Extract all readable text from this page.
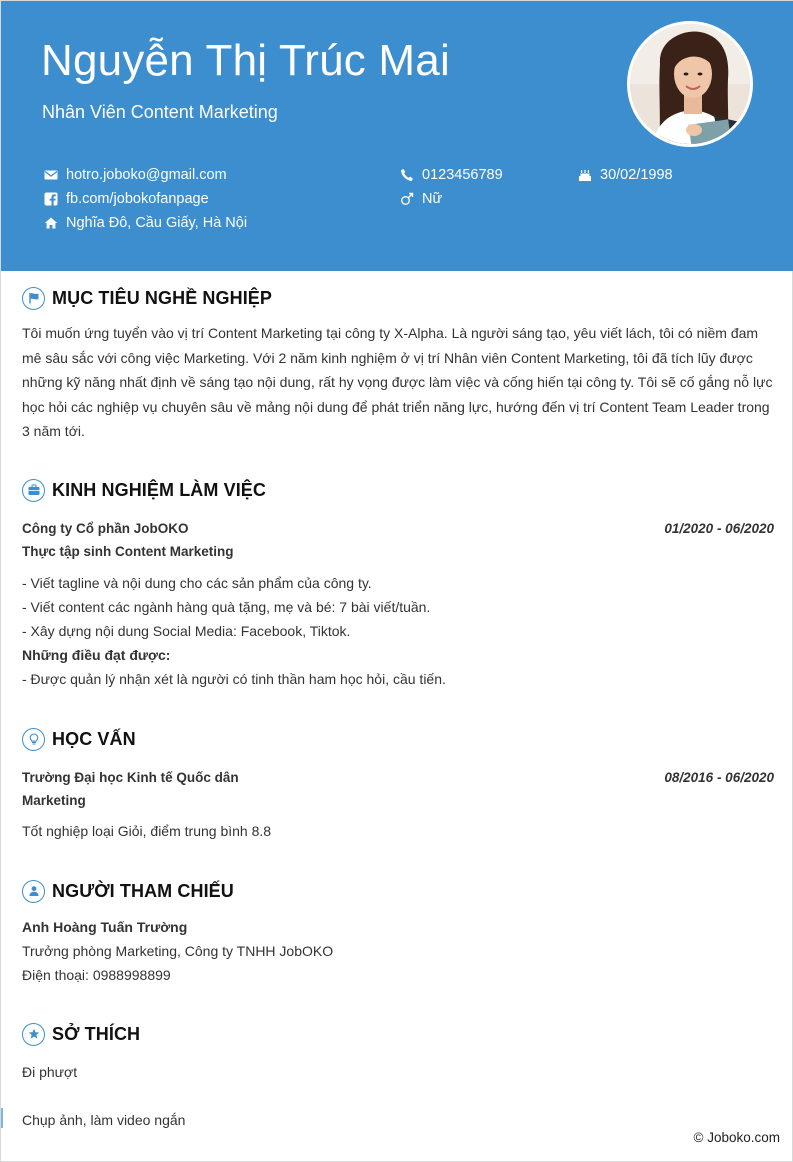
Nguyễn Thị Trúc Mai
Nhân Viên Content Marketing
hotro.joboko@gmail.com
fb.com/jobokofanpage
Nghĩa Đô, Cầu Giấy, Hà Nội
0123456789
Nữ
30/02/1998
MỤC TIÊU NGHỀ NGHIỆP

Tôi muốn ứng tuyển vào vị trí Content Marketing tại công ty X-Alpha. Là người sáng tạo, yêu viết lách, tôi có niềm đam mê sâu sắc với công việc Marketing. Với 2 năm kinh nghiệm ở vị trí Nhân viên Content Marketing, tôi đã tích lũy được những kỹ năng nhất định về sáng tạo nội dung, rất hy vọng được làm việc và cống hiến tại công ty. Tôi sẽ cố gắng nỗ lực học hỏi các nghiệp vụ chuyên sâu về mảng nội dung để phát triển năng lực, hướng đến vị trí Content Team Leader trong 3 năm tới.

KINH NGHIỆM LÀM VIỆC
Công ty Cổ phần JobOKO	01/2020 - 06/2020
Thực tập sinh Content Marketing
- Viết tagline và nội dung cho các sản phẩm của công ty.
- Viết content các ngành hàng quà tặng, mẹ và bé: 7 bài viết/tuần.
- Xây dựng nội dung Social Media: Facebook, Tiktok.
Những điều đạt được:
- Được quản lý nhận xét là người có tinh thần ham học hỏi, cầu tiến.
HỌC VẤN
Trường Đại học Kinh tế Quốc dân	08/2016 - 06/2020
Marketing
Tốt nghiệp loại Giỏi, điểm trung bình 8.8
NGƯỜI THAM CHIẾU
Anh Hoàng Tuấn Trường
Trưởng phòng Marketing, Công ty TNHH JobOKO
Điện thoại: 0988998899
SỞ THÍCH
Đi phượt
Chụp ảnh, làm video ngắn
© Joboko.com
